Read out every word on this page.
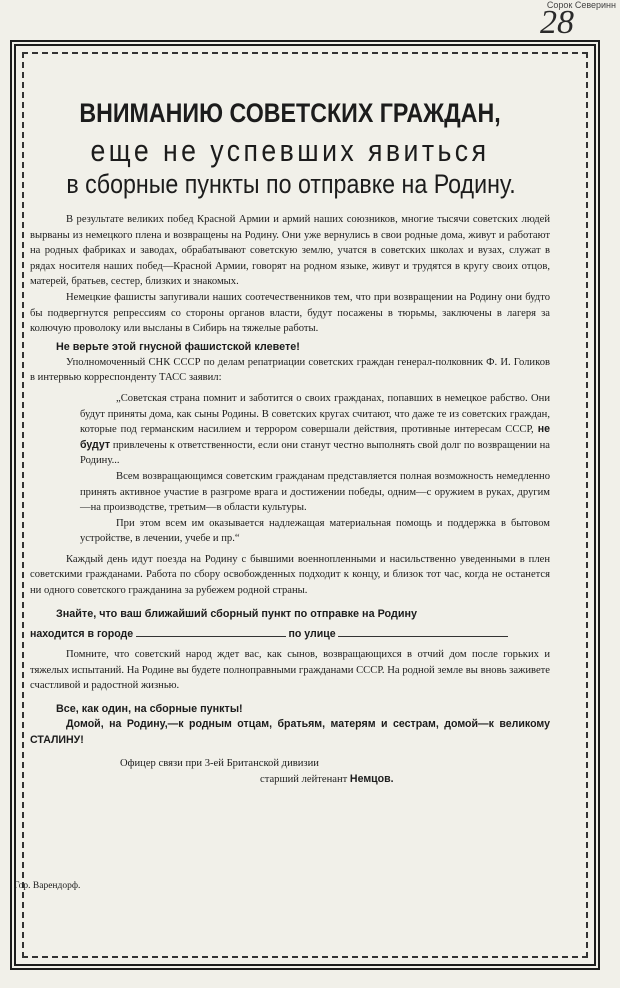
Сорок Северинн
28
ВНИМАНИЮ СОВЕТСКИХ ГРАЖДАН,
еще не успевших явиться
в сборные пункты по отправке на Родину.

В результате великих побед Красной Армии и армий наших союзников, многие тысячи советских людей вырваны из немецкого плена и возвращены на Родину. Они уже вернулись в свои родные дома, живут и работают на родных фабриках и заводах, обрабатывают советскую землю, учатся в советских школах и вузах, служат в рядах носителя наших побед—Красной Армии, говорят на родном языке, живут и трудятся в кругу своих отцов, матерей, братьев, сестер, близких и знакомых.

Немецкие фашисты запугивали наших соотечественников тем, что при возвращении на Родину они будто бы подвергнутся репрессиям со стороны органов власти, будут посажены в тюрьмы, заключены в лагеря за колючую проволоку или высланы в Сибирь на тяжелые работы.

Не верьте этой гнусной фашистской клевете!

Уполномоченный СНК СССР по делам репатриации советских граждан генерал-полковник Ф. И. Голиков в интервью корреспонденту ТАСС заявил:

„Советская страна помнит и заботится о своих гражданах, попавших в немецкое рабство. Они будут приняты дома, как сыны Родины. В советских кругах считают, что даже те из советских граждан, которые под германским насилием и террором совершали действия, противные интересам СССР, не будут привлечены к ответственности, если они станут честно выполнять свой долг по возвращении на Родину...

Всем возвращающимся советским гражданам представляется полная возможность немедленно принять активное участие в разгроме врага и достижении победы, одним—с оружием в руках, другим—на производстве, третьим—в области культуры.

При этом всем им оказывается надлежащая материальная помощь и поддержка в бытовом устройстве, в лечении, учебе и пр.“

Каждый день идут поезда на Родину с бывшими военнопленными и насильственно уведенными в плен советскими гражданами. Работа по сбору освобожденных подходит к концу, и близок тот час, когда не останется ни одного советского гражданина за рубежем родной страны.

Знайте, что ваш ближайший сборный пункт по отправке на Родину

находится в городе	по улице

Помните, что советский народ ждет вас, как сынов, возвращающихся в отчий дом после горьких и тяжелых испытаний. На Родине вы будете полноправными гражданами СССР. На родной земле вы вновь заживете счастливой и радостной жизнью.

Все, как один, на сборные пункты!

Домой, на Родину,—к родным отцам, братьям, матерям и сестрам, домой—к великому СТАЛИНУ!

Офицер связи при 3-ей Британской дивизии
старший лейтенант Немцов.
Гор. Варендорф.
